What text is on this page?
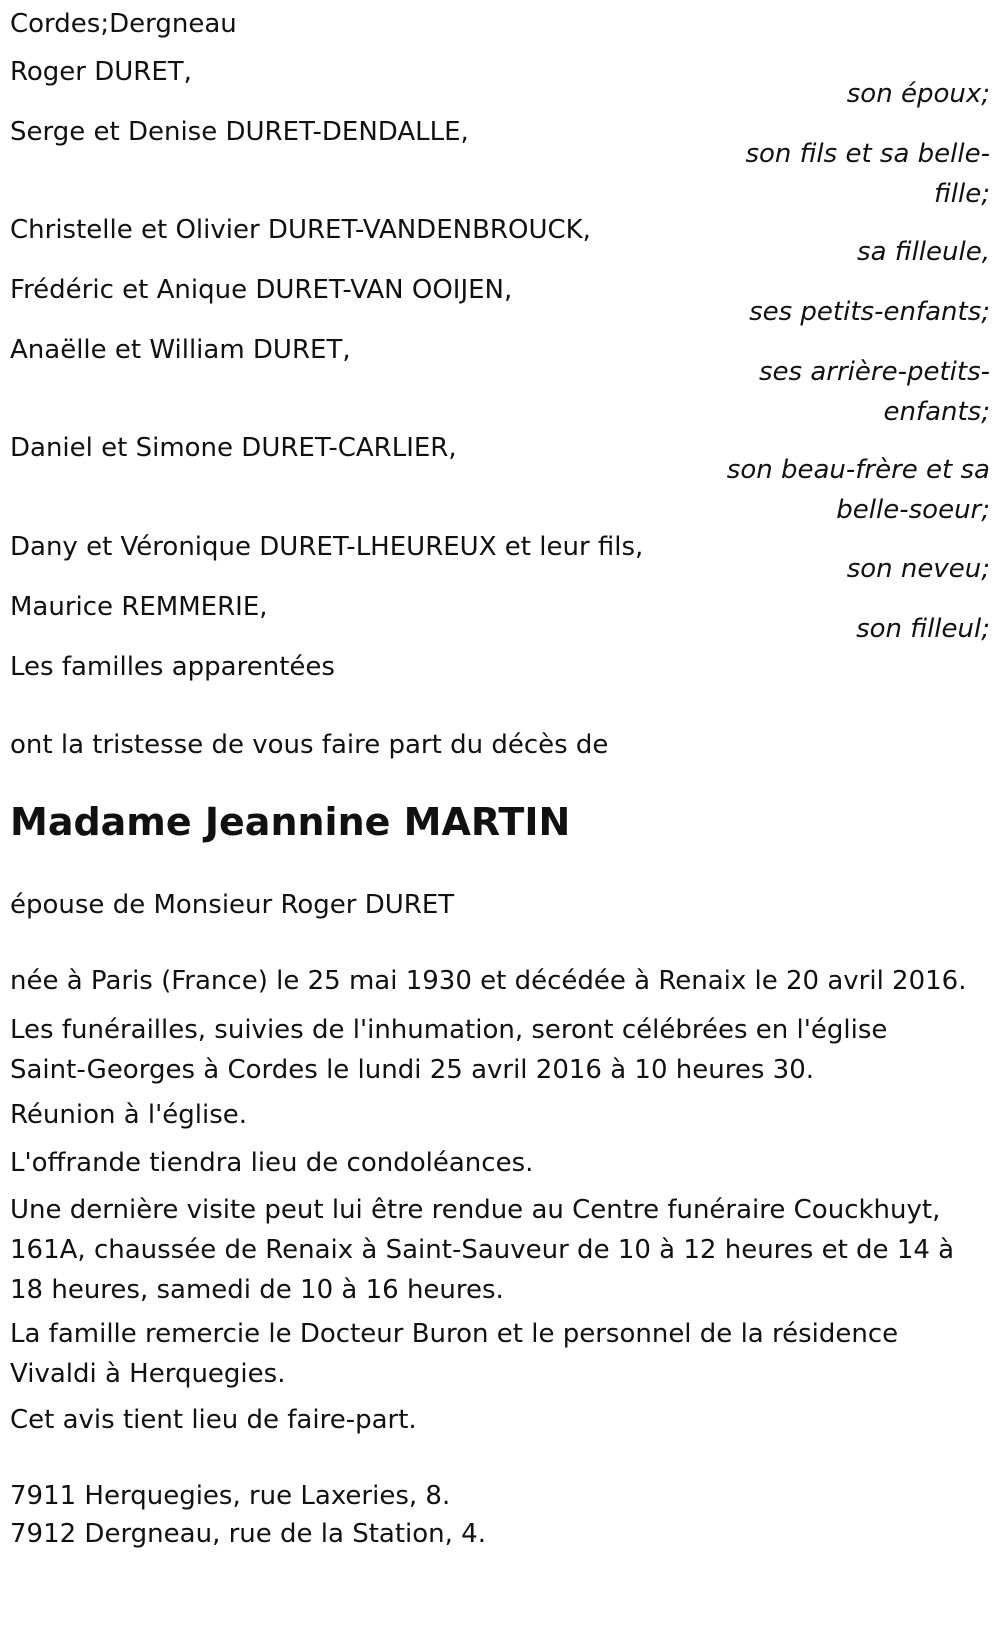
Cordes;Dergneau
Roger DURET,
son époux;
Serge et Denise DURET-DENDALLE,
son fils et sa belle-fille;
Christelle et Olivier DURET-VANDENBROUCK,
sa filleule,
Frédéric et Anique DURET-VAN OOIJEN,
ses petits-enfants;
Anaëlle et William DURET,
ses arrière-petits-enfants;
Daniel et Simone DURET-CARLIER,
son beau-frère et sa belle-soeur;
Dany et Véronique DURET-LHEUREUX et leur fils,
son neveu;
Maurice REMMERIE,
son filleul;
Les familles apparentées
ont la tristesse de vous faire part du décès de
Madame Jeannine MARTIN
épouse de Monsieur Roger DURET
née à Paris (France) le 25 mai 1930 et décédée à Renaix le 20 avril 2016.
Les funérailles, suivies de l'inhumation, seront célébrées en l'église Saint-Georges à Cordes le lundi 25 avril 2016 à 10 heures 30.
Réunion à l'église.
L'offrande tiendra lieu de condoléances.
Une dernière visite peut lui être rendue au Centre funéraire Couckhuyt, 161A, chaussée de Renaix à Saint-Sauveur de 10 à 12 heures et de 14 à 18 heures, samedi de 10 à 16 heures.
La famille remercie le Docteur Buron et le personnel de la résidence Vivaldi à Herquegies.
Cet avis tient lieu de faire-part.
7911 Herquegies, rue Laxeries, 8.
7912 Dergneau, rue de la Station, 4.
